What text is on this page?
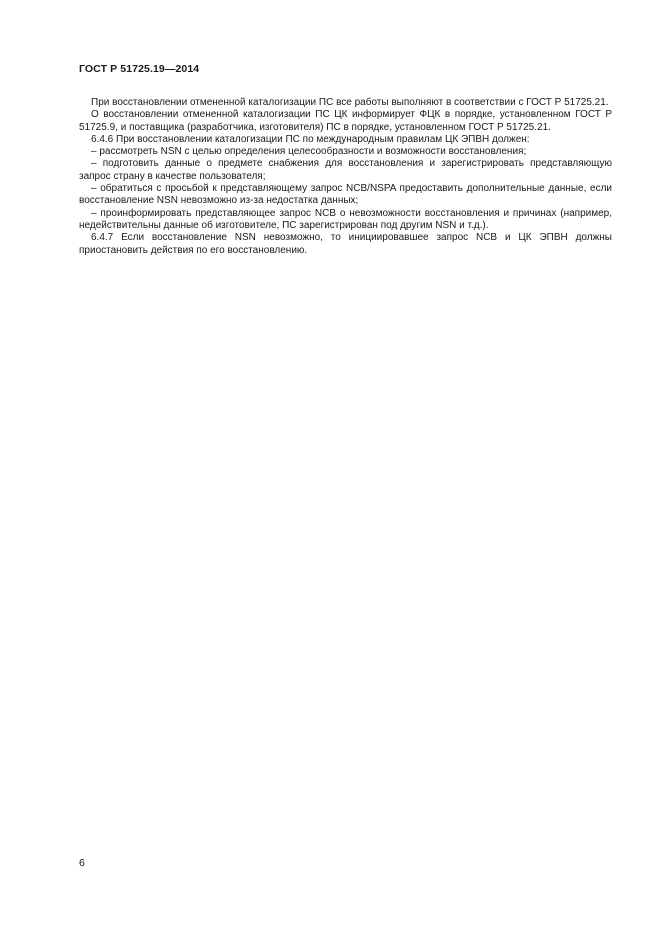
ГОСТ Р 51725.19—2014

При восстановлении отмененной каталогизации ПС все работы выполняют в соответствии с ГОСТ Р 51725.21.

О восстановлении отмененной каталогизации ПС ЦК информирует ФЦК в порядке, установленном ГОСТ Р 51725.9, и поставщика (разработчика, изготовителя) ПС в порядке, установленном ГОСТ Р 51725.21.

6.4.6 При восстановлении каталогизации ПС по международным правилам ЦК ЭПВН должен:

– рассмотреть NSN с целью определения целесообразности и возможности восстановления;

– подготовить данные о предмете снабжения для восстановления и зарегистрировать представляющую запрос страну в качестве пользователя;

– обратиться с просьбой к представляющему запрос NCB/NSPA предоставить дополнительные данные, если восстановление NSN невозможно из-за недостатка данных;

– проинформировать представляющее запрос NCB о невозможности восстановления и причинах (например, недействительны данные об изготовителе, ПС зарегистрирован под другим NSN и т.д.).

6.4.7 Если восстановление NSN невозможно, то инициировавшее запрос NCB и ЦК ЭПВН должны приостановить действия по его восстановлению.

6
